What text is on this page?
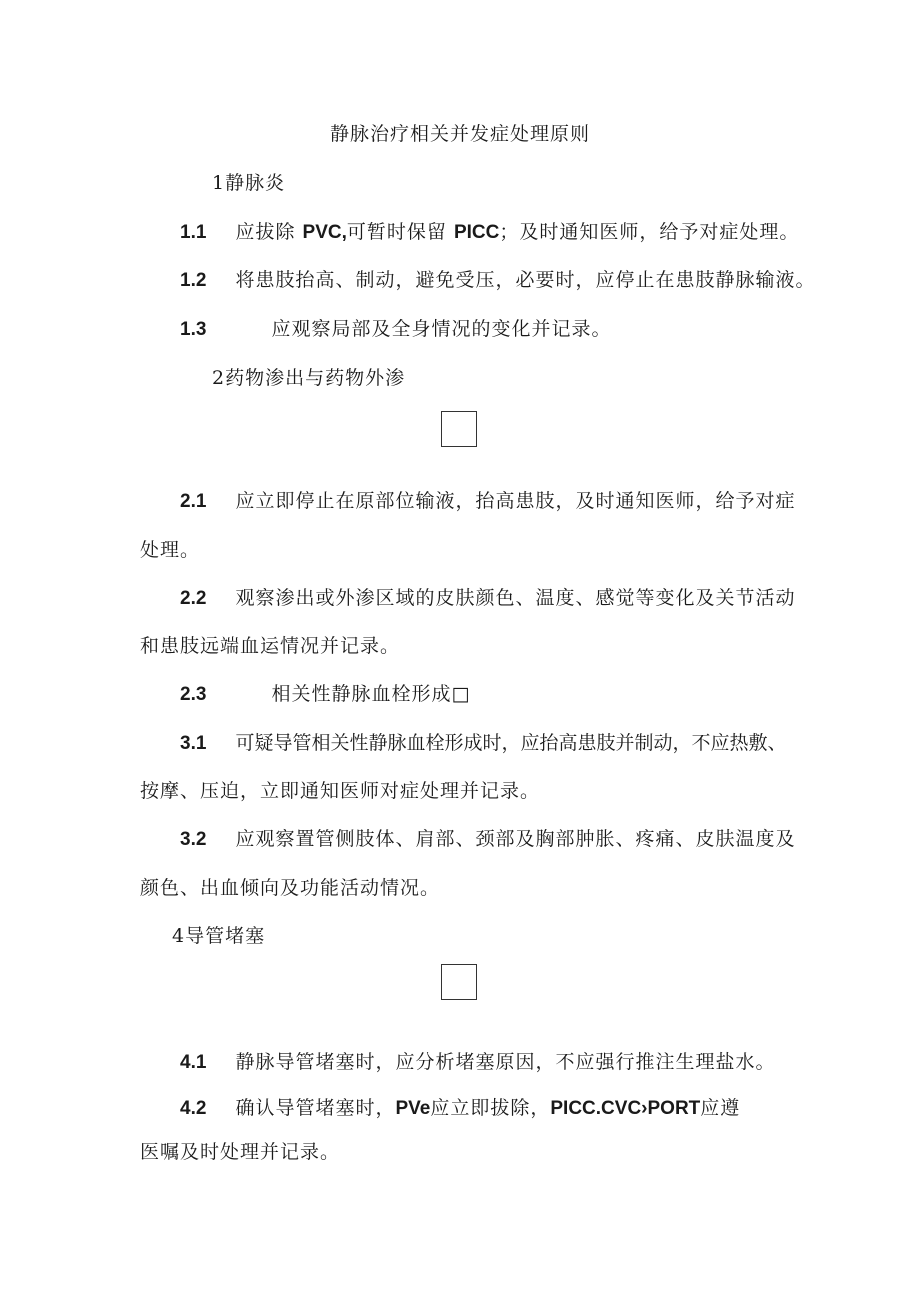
静脉治疗相关并发症处理原则
1静脉炎
1.1 应拔除 PVC,可暂时保留 PICC；及时通知医师，给予对症处理。
1.2 将患肢抬高、制动，避免受压，必要时，应停止在患肢静脉输液。
1.3	应观察局部及全身情况的变化并记录。
2药物渗出与药物外渗
2.1 应立即停止在原部位输液，抬高患肢，及时通知医师，给予对症
处理。
2.2 观察渗出或外渗区域的皮肤颜色、温度、感觉等变化及关节活动
和患肢远端血运情况并记录。
2.3	相关性静脉血栓形成□
3.1 可疑导管相关性静脉血栓形成时，应抬高患肢并制动，不应热敷、
按摩、压迫，立即通知医师对症处理并记录。
3.2 应观察置管侧肢体、肩部、颈部及胸部肿胀、疼痛、皮肤温度及
颜色、出血倾向及功能活动情况。
4导管堵塞
4.1 静脉导管堵塞时，应分析堵塞原因，不应强行推注生理盐水。
4.2 确认导管堵塞时，PVe应立即拔除，PICC.CVC›PORT应遵
医嘱及时处理并记录。
